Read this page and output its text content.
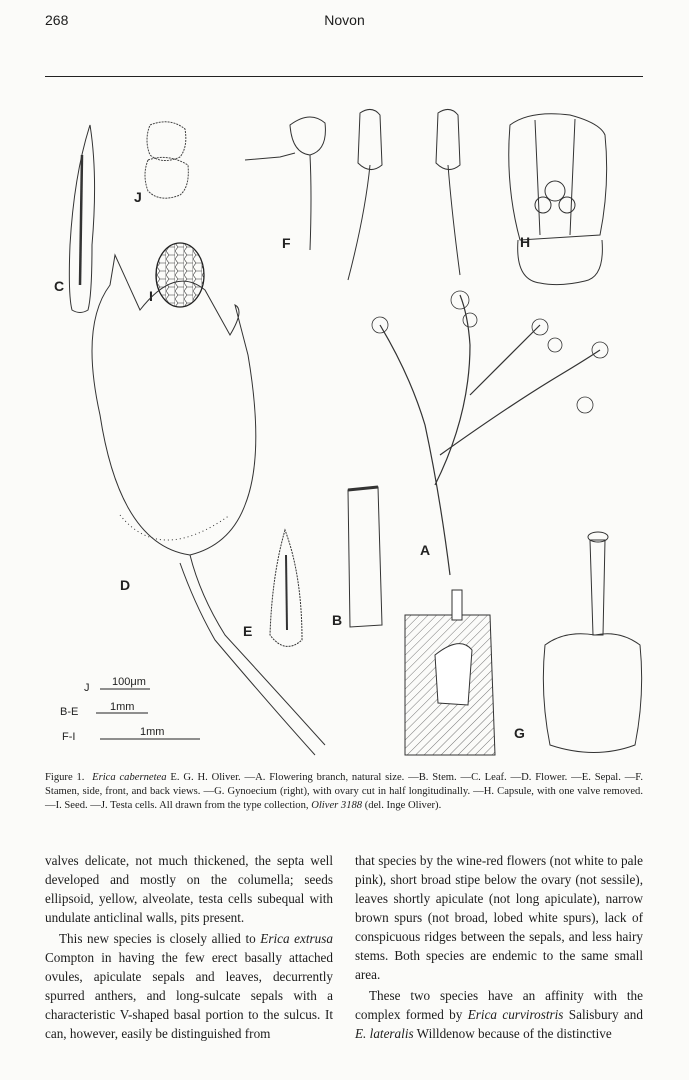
268	Novon
C
J
I
F	H
D
E
B
A
G
J 100μm
B-E	1mm
F-I	1mm
Figure 1. Erica cabernetea E. G. H. Oliver. —A. Flowering branch, natural size. —B. Stem. —C. Leaf. —D. Flower. —E. Sepal. —F. Stamen, side, front, and back views. —G. Gynoecium (right), with ovary cut in half longitudinally. —H. Capsule, with one valve removed. —I. Seed. —J. Testa cells. All drawn from the type collection, Oliver 3188 (del. Inge Oliver).

valves delicate, not much thickened, the septa well developed and mostly on the columella; seeds ellipsoid, yellow, alveolate, testa cells subequal with undulate anticlinal walls, pits present.

This new species is closely allied to Erica extrusa Compton in having the few erect basally attached ovules, apiculate sepals and leaves, decurrently spurred anthers, and long-sulcate sepals with a characteristic V-shaped basal portion to the sulcus. It can, however, easily be distinguished from

that species by the wine-red flowers (not white to pale pink), short broad stipe below the ovary (not sessile), leaves shortly apiculate (not long apiculate), narrow brown spurs (not broad, lobed white spurs), lack of conspicuous ridges between the sepals, and less hairy stems. Both species are endemic to the same small area.

These two species have an affinity with the complex formed by Erica curvirostris Salisbury and E. lateralis Willdenow because of the distinctive
